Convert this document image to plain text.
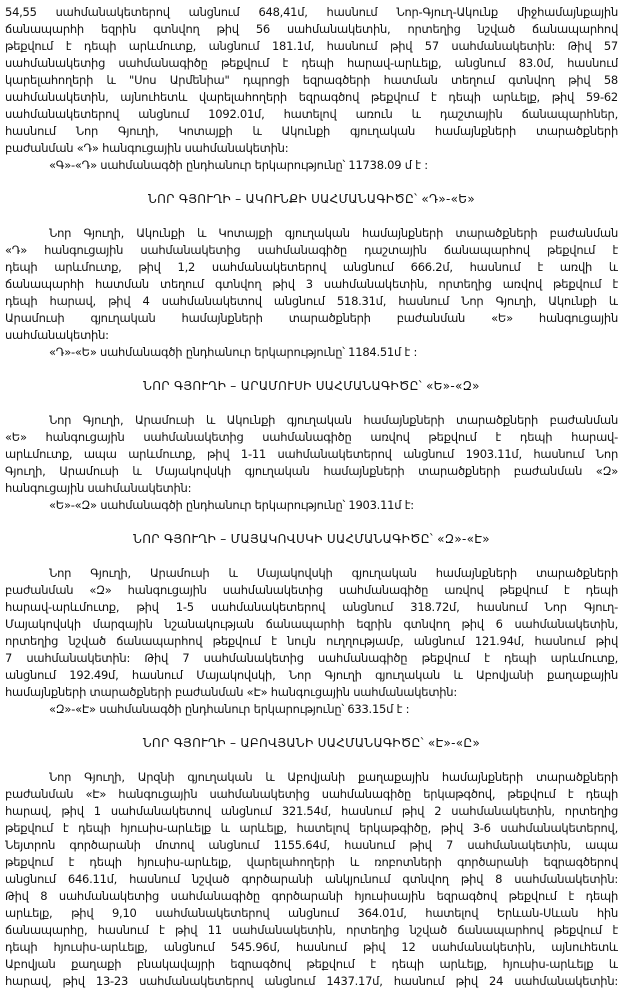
54,55 սահմանակետերով անցնում 648,41մ, հասնում Նոր-Գյուղ-Ակունք միջհամայնքային
ճանապարհի եզրին գտնվող թիվ 56 սահմանակետին, որտեղից նշված ճանապարհով
թեքվում է դեպի արևմուտք, անցնում 181.1մ, հասնում թիվ 57 սահմանակետին: Թիվ 57
սահմանակետից սահմանագիծը թեքվում է դեպի հարավ-արևելք, անցնում 83.0մ, հասնում
կարելահողերի և "Սոս Արմենիա" դպրոցի եզրագծերի հատման տեղում գտնվող թիվ 58
սահմանակետին, այնուհետև վարելահողերի եզրագծով թեքվում է դեպի արևելք, թիվ 59-62
սահմանակետերով անցնում 1092.01մ, հատելով առուն և դաշտային ճանապարհներ,
հասնում Նոր Գյուղի, Կոտայքի և Ակունքի գյուղական համայնքների տարածքների
բաժանման «Դ» հանգուցային սահմանակետին:
«Գ»-«Դ» սահմանագծի ընդհանուր երկարությունը՝ 11738.09 մ է :
ՆՈՐ ԳՅՈՒՂԻ – ԱԿՈՒՆՔԻ ՍԱՀՄԱՆԱԳԻԾԸ՝ «Դ»-«Ե»
Նոր Գյուղի, Ակունքի և Կոտայքի գյուղական համայնքների տարածքների բաժանման
«Դ» հանգուցային սահմանակետից սահմանագիծը դաշտային ճանապարհով թեքվում է
դեպի արևմուտք, թիվ 1,2 սահմանակետերով անցնում 666.2մ, հասնում է առվի և
ճանապարհի հատման տեղում գտնվող թիվ 3 սահմանակետին, որտեղից առվով թեքվում է
դեպի հարավ, թիվ 4 սահմանակետով անցնում 518.31մ, հասնում Նոր Գյուղի, Ակունքի և
Արամուսի գյուղական համայնքների տարածքների բաժանման «Ե» հանգուցային
սահմանակետին:
«Դ»-«Ե» սահմանագծի ընդհանուր երկարությունը՝ 1184.51մ է :
ՆՈՐ ԳՅՈՒՂԻ – ԱՐԱՄՈՒՍԻ ՍԱՀՄԱՆԱԳԻԾԸ՝ «Ե»-«Զ»
Նոր Գյուղի, Արամուսի և Ակունքի գյուղական համայնքների տարածքների բաժանման
«Ե» հանգուցային սահմանակետից սահմանագիծը առվով թեքվում է դեպի հարավ-
արևմուտք, ապա արևմուտք, թիվ 1-11 սահմանակետերով անցնում 1903.11մ, հասնում Նոր
Գյուղի, Արամուսի և Մայակովսկի գյուղական համայնքների տարածքների բաժանման «Զ»
հանգուցային սահմանակետին:
«Ե»-«Զ» սահմանագծի ընդհանուր երկարությունը՝ 1903.11մ է:
ՆՈՐ ԳՅՈՒՂԻ – ՄԱՅԱԿՈՎՍԿԻ ՍԱՀՄԱՆԱԳԻԾԸ՝ «Զ»-«Է»
Նոր Գյուղի, Արամուսի և Մայակովսկի գյուղական համայնքների տարածքների
բաժանման «Զ» հանգուցային սահմանակետից սահմանագիծը առվով թեքվում է դեպի
հարավ-արևմուտք, թիվ 1-5 սահմանակետերով անցնում 318.72մ, հասնում Նոր Գյուղ-
Մայակովսկի մարզային նշանակության ճանապարհի եզրին գտնվող թիվ 6 սահմանակետին,
որտեղից նշված ճանապարհով թեքվում է նույն ուղղությամբ, անցնում 121.94մ, հասնում թիվ
7 սահմանակետին: Թիվ 7 սահմանակետից սահմանագիծը թեքվում է դեպի արևմուտք,
անցնում 192.49մ, հասնում Մայակովսկի, Նոր Գյուղի գյուղական և Աբովյանի քաղաքային
համայնքների տարածքների բաժանման «Է» հանգուցային սահմանակետին:
«Զ»-«Է» սահմանագծի ընդհանուր երկարությունը՝ 633.15մ է :
ՆՈՐ ԳՅՈՒՂԻ – ԱԲՈՎՅԱՆԻ ՍԱՀՄԱՆԱԳԻԾԸ՝ «Է»-«Ը»
Նոր Գյուղի, Արզնի գյուղական և Աբովյանի քաղաքային համայնքների տարածքների
բաժանման «Է» հանգուցային սահմանակետից սահմանագիծը երկաթգծով, թեքվում է դեպի
հարավ, թիվ 1 սահմանակետով անցնում 321.54մ, հասնում թիվ 2 սահմանակետին, որտեղից
թեքվում է դեպի հյուսիս-արևելք և արևելք, հատելով երկաթգիծը, թիվ 3-6 սահմանակետերով,
Նեյտրոն գործարանի մոտով անցնում 1155.64մ, հասնում թիվ 7 սահմանակետին, ապա
թեքվում է դեպի հյուսիս-արևելք, վարելահողերի և ռոբոտների գործարանի եզրագծերով
անցնում 646.11մ, հասնում նշված գործարանի անկյունում գտնվող թիվ 8 սահմանակետին:
Թիվ 8 սահմանակետից սահմանագիծը գործարանի հյուսիսային եզրագծով թեքվում է դեպի
արևելք, թիվ 9,10 սահմանակետերով անցնում 364.01մ, հատելով Երևան-Սևան հին
ճանապարհը, հասնում է թիվ 11 սահմանակետին, որտեղից նշված ճանապարհով թեքվում է
դեպի հյուսիս-արևելք, անցնում 545.96մ, հասնում թիվ 12 սահմանակետին, այնուհետև
Աբովյան քաղաքի բնակավայրի եզրագծով թեքվում է դեպի արևելք, հյուսիս-արևելք և
հարավ, թիվ 13-23 սահմանակետերով անցնում 1437.17մ, հասնում թիվ 24 սահմանակետին:
